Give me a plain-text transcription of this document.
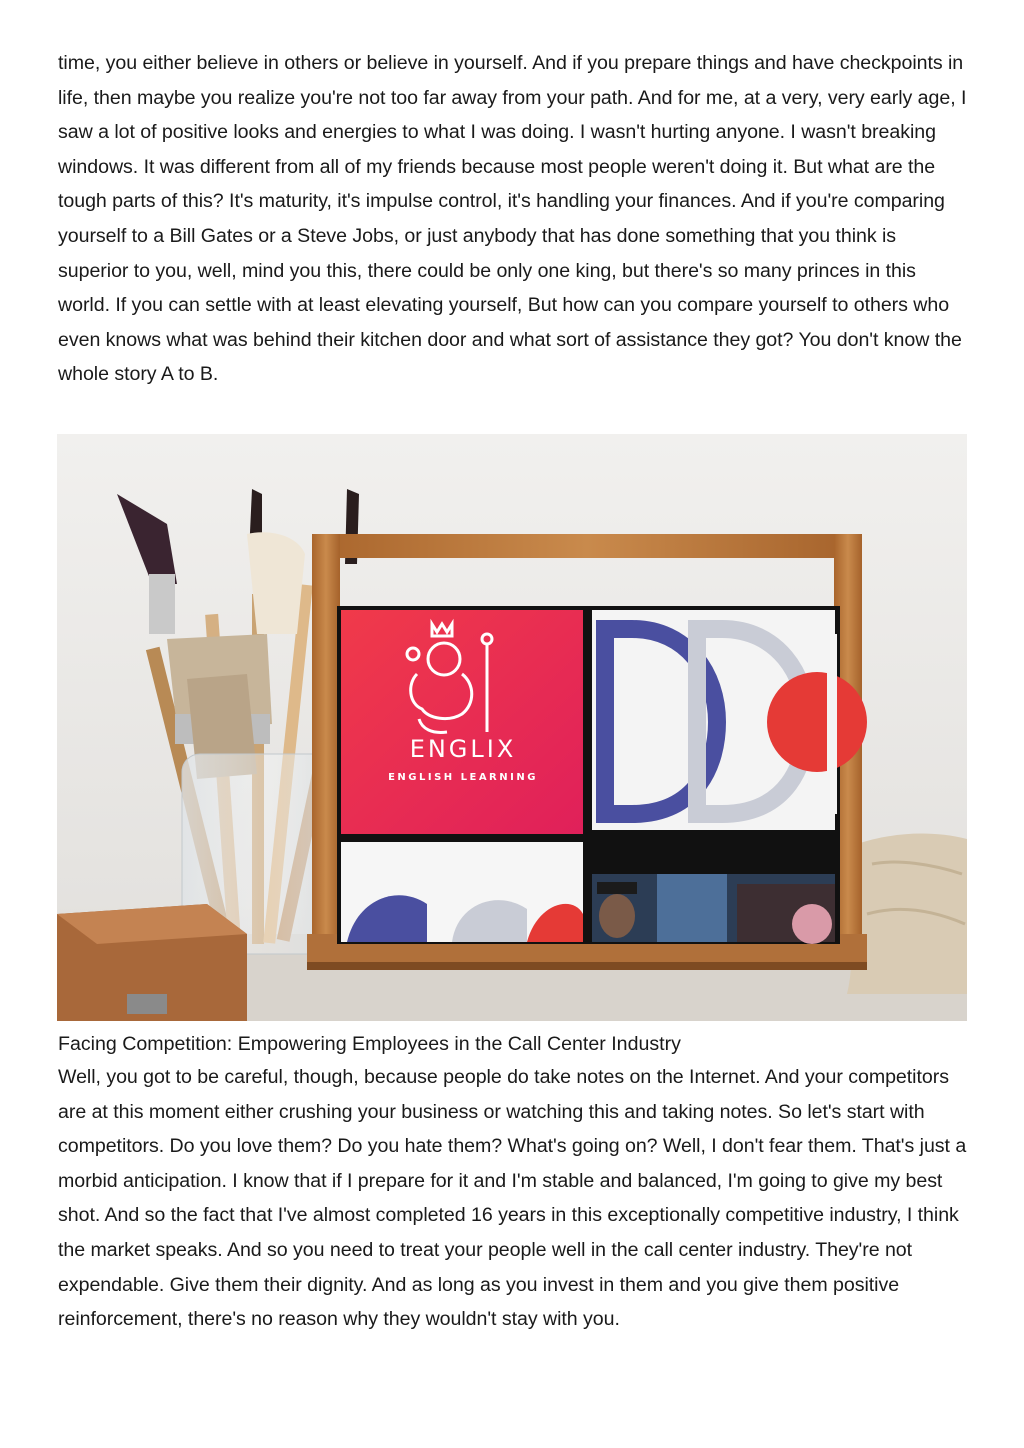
time, you either believe in others or believe in yourself. And if you prepare things and have checkpoints in life, then maybe you realize you're not too far away from your path. And for me, at a very, very early age, I saw a lot of positive looks and energies to what I was doing. I wasn't hurting anyone. I wasn't breaking windows. It was different from all of my friends because most people weren't doing it. But what are the tough parts of this? It's maturity, it's impulse control, it's handling your finances. And if you're comparing yourself to a Bill Gates or a Steve Jobs, or just anybody that has done something that you think is superior to you, well, mind you this, there could be only one king, but there's so many princes in this world. If you can settle with at least elevating yourself, But how can you compare yourself to others who even knows what was behind their kitchen door and what sort of assistance they got? You don't know the whole story A to B.

ENGLIX
ENGLISH LEARNING
Facing Competition: Empowering Employees in the Call Center Industry

Well, you got to be careful, though, because people do take notes on the Internet. And your competitors are at this moment either crushing your business or watching this and taking notes. So let's start with competitors. Do you love them? Do you hate them? What's going on? Well, I don't fear them. That's just a morbid anticipation. I know that if I prepare for it and I'm stable and balanced, I'm going to give my best shot. And so the fact that I've almost completed 16 years in this exceptionally competitive industry, I think the market speaks. And so you need to treat your people well in the call center industry. They're not expendable. Give them their dignity. And as long as you invest in them and you give them positive reinforcement, there's no reason why they wouldn't stay with you.
